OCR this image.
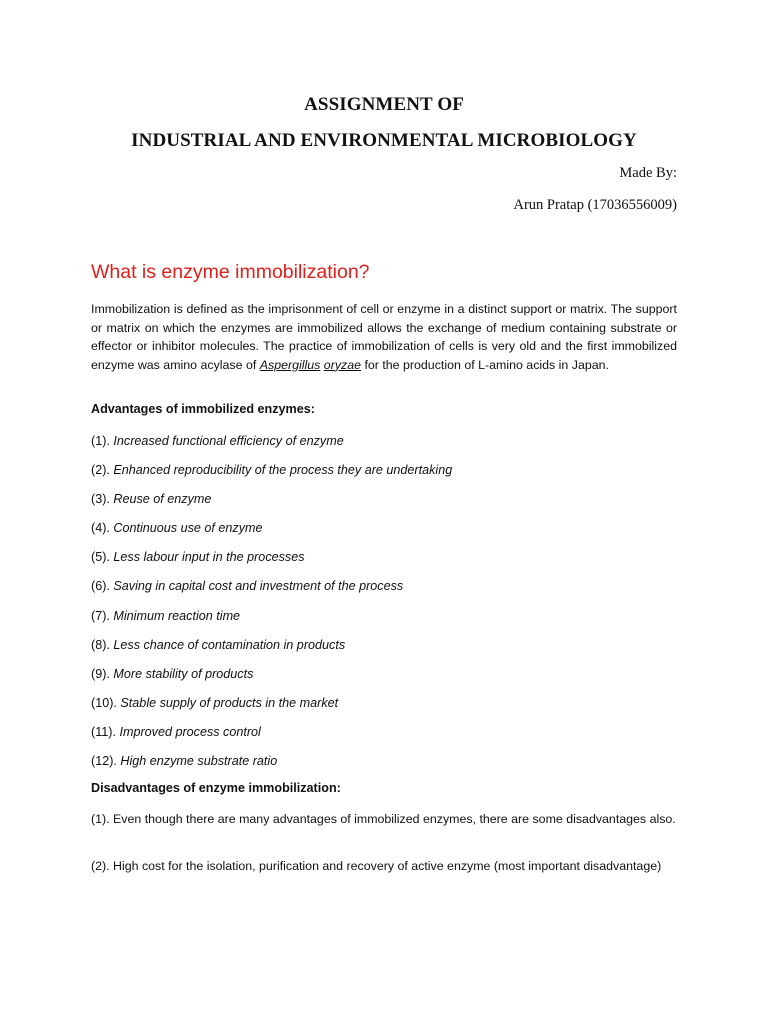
ASSIGNMENT OF
INDUSTRIAL AND ENVIRONMENTAL MICROBIOLOGY

Made By:

Arun Pratap (17036556009)

What is enzyme immobilization?

Immobilization is defined as the imprisonment of cell or enzyme in a distinct support or matrix. The support or matrix on which the enzymes are immobilized allows the exchange of medium containing substrate or effector or inhibitor molecules. The practice of immobilization of cells is very old and the first immobilized enzyme was amino acylase of Aspergillus oryzae for the production of L-amino acids in Japan.

Advantages of immobilized enzymes:

(1). Increased functional efficiency of enzyme
(2). Enhanced reproducibility of the process they are undertaking
(3). Reuse of enzyme
(4). Continuous use of enzyme
(5). Less labour input in the processes
(6). Saving in capital cost and investment of the process
(7). Minimum reaction time
(8). Less chance of contamination in products
(9). More stability of products
(10). Stable supply of products in the market
(11). Improved process control
(12). High enzyme substrate ratio

Disadvantages of enzyme immobilization:

(1). Even though there are many advantages of immobilized enzymes, there are some disadvantages also.

(2). High cost for the isolation, purification and recovery of active enzyme (most important disadvantage)
